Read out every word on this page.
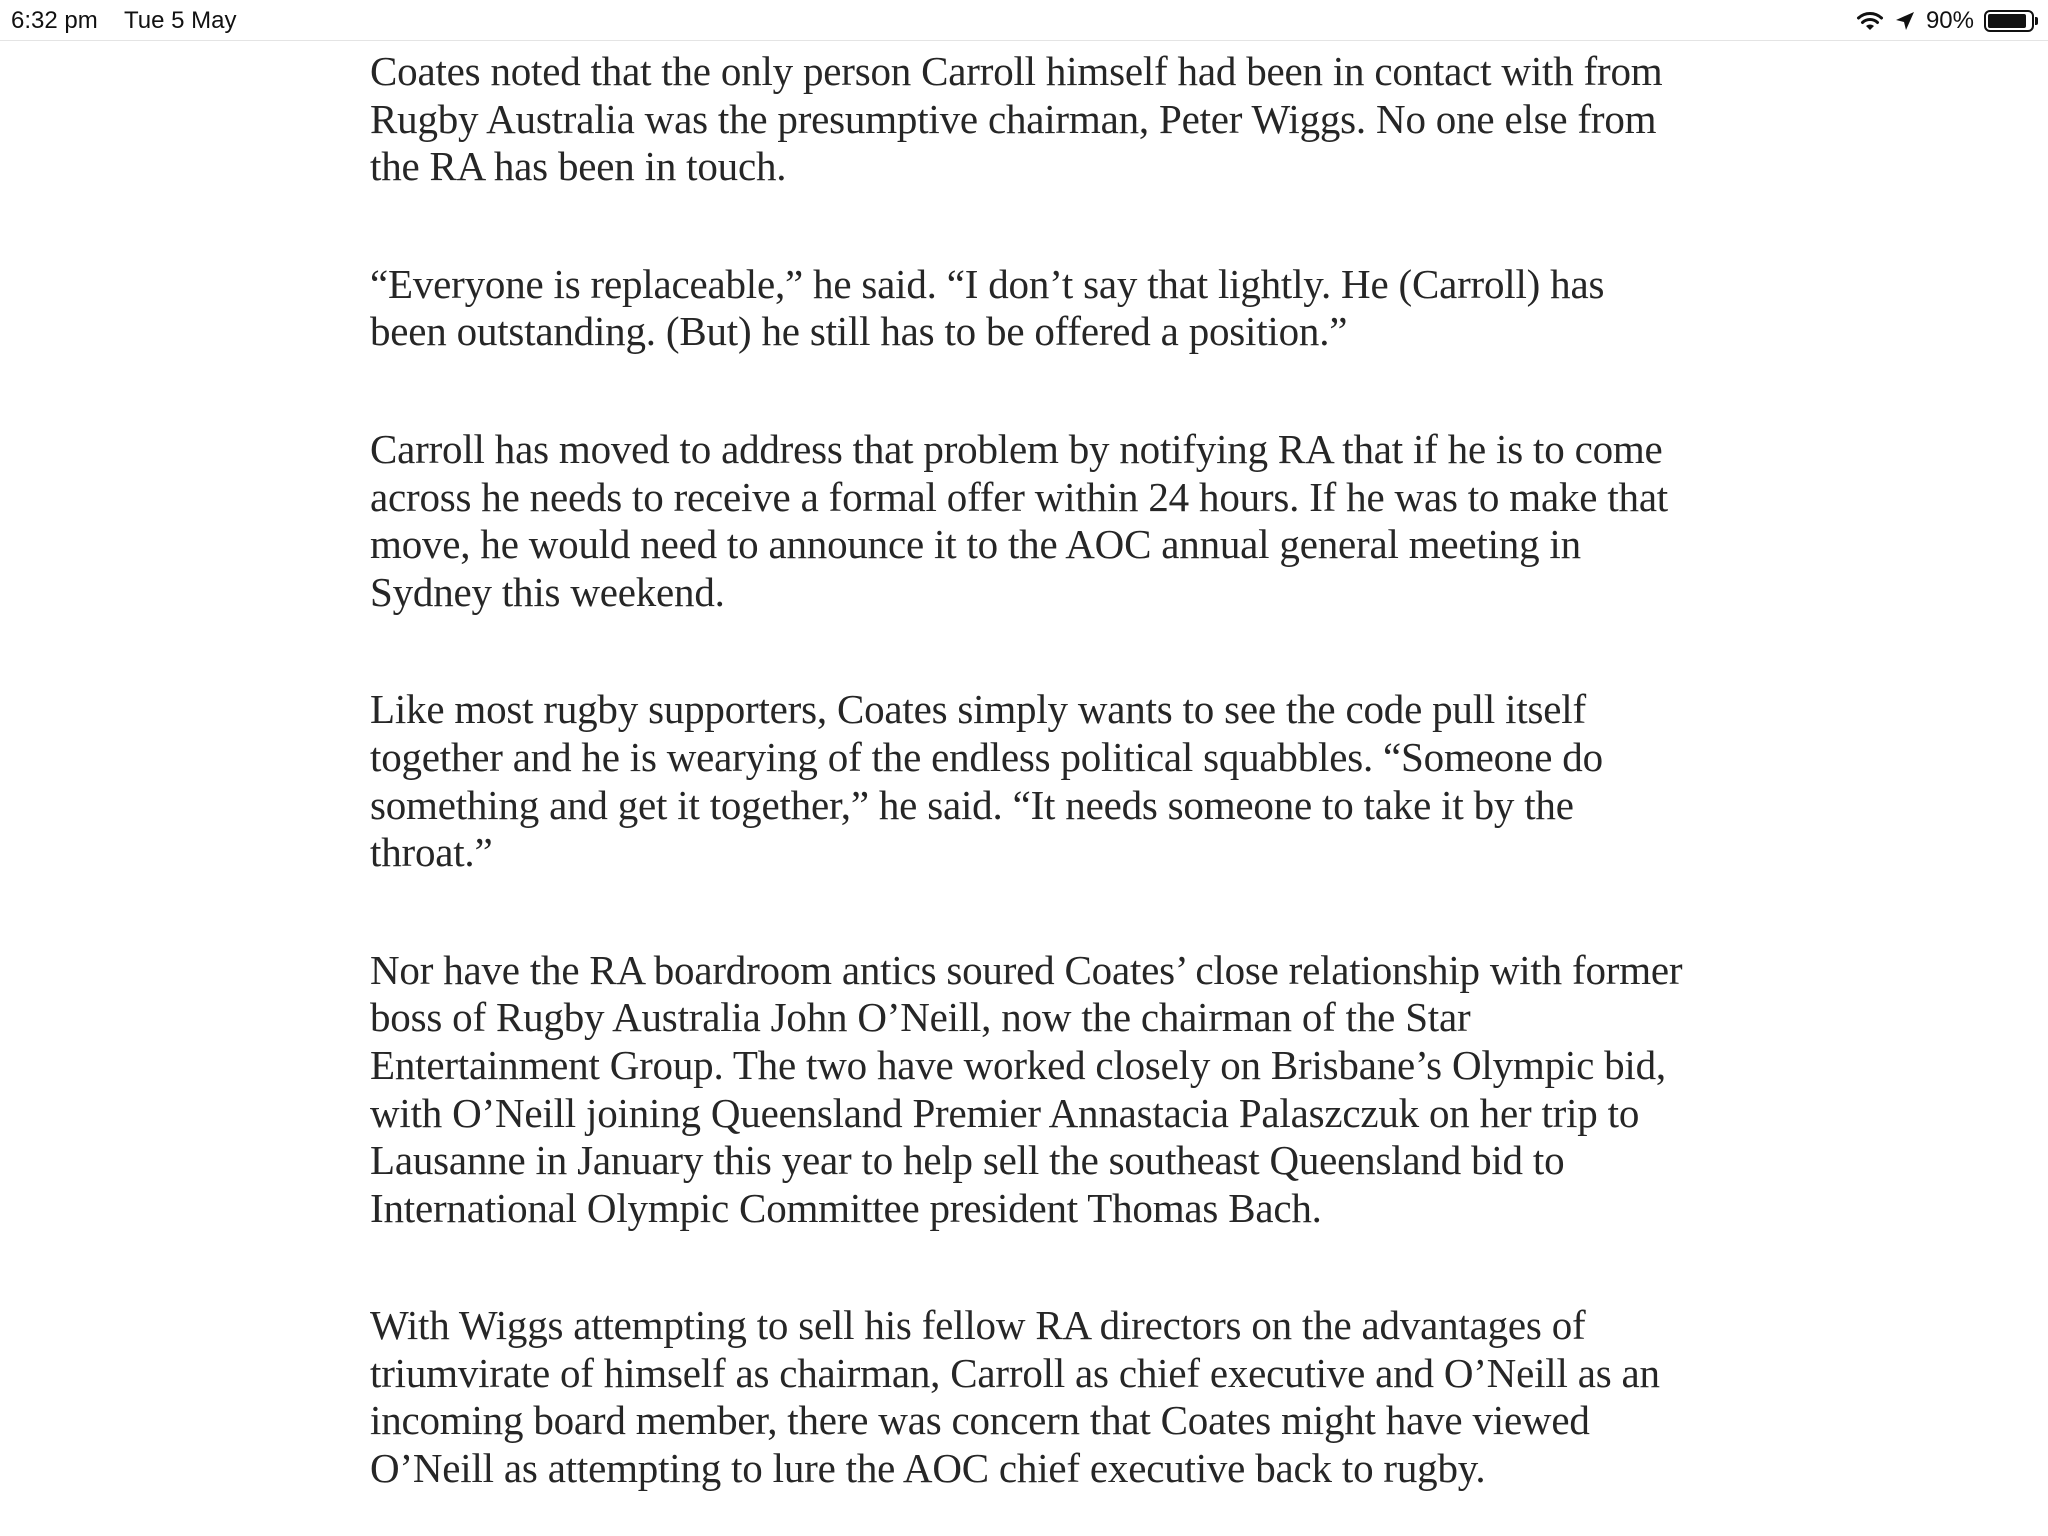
6:32 pm Tue 5 May	90%

Coates noted that the only person Carroll himself had been in contact with from Rugby Australia was the presumptive chairman, Peter Wiggs. No one else from the RA has been in touch.

“Everyone is replaceable,” he said. “I don’t say that lightly. He (Carroll) has been outstanding. (But) he still has to be offered a position.”

Carroll has moved to address that problem by notifying RA that if he is to come across he needs to receive a formal offer within 24 hours. If he was to make that move, he would need to announce it to the AOC annual general meeting in Sydney this weekend.

Like most rugby supporters, Coates simply wants to see the code pull itself together and he is wearying of the endless political squabbles. “Someone do something and get it together,” he said. “It needs someone to take it by the throat.”

Nor have the RA boardroom antics soured Coates’ close relationship with former boss of Rugby Australia John O’Neill, now the chairman of the Star Entertainment Group. The two have worked closely on Brisbane’s Olympic bid, with O’Neill joining Queensland Premier Annastacia Palaszczuk on her trip to Lausanne in January this year to help sell the southeast Queensland bid to International Olympic Committee president Thomas Bach.

With Wiggs attempting to sell his fellow RA directors on the advantages of triumvirate of himself as chairman, Carroll as chief executive and O’Neill as an incoming board member, there was concern that Coates might have viewed O’Neill as attempting to lure the AOC chief executive back to rugby.
